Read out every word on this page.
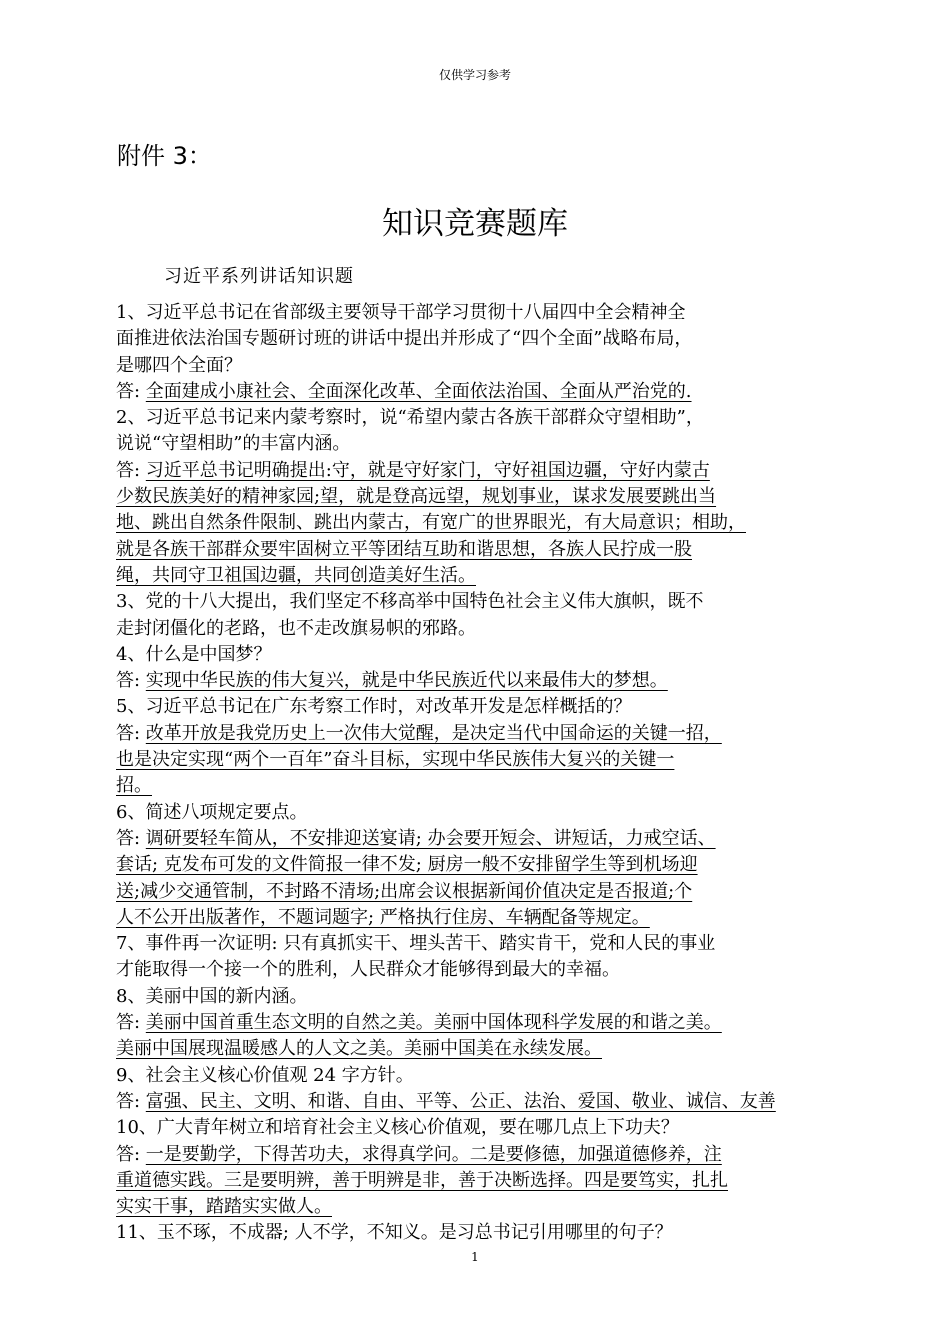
仅供学习参考
附件 3：
知识竞赛题库
习近平系列讲话知识题
1、习近平总书记在省部级主要领导干部学习贯彻十八届四中全会精神全
面推进依法治国专题研讨班的讲话中提出并形成了“四个全面”战略布局，
是哪四个全面？
答: 全面建成小康社会、全面深化改革、全面依法治国、全面从严治党的.
2、习近平总书记来内蒙考察时，说“希望内蒙古各族干部群众守望相助”，
说说“守望相助”的丰富内涵。
答: 习近平总书记明确提出:守，就是守好家门，守好祖国边疆，守好内蒙古
少数民族美好的精神家园;望，就是登高远望，规划事业，谋求发展要跳出当
地、跳出自然条件限制、跳出内蒙古，有宽广的世界眼光，有大局意识；相助，
就是各族干部群众要牢固树立平等团结互助和谐思想，各族人民拧成一股
绳，共同守卫祖国边疆，共同创造美好生活。
3、党的十八大提出，我们坚定不移高举中国特色社会主义伟大旗帜，既不
走封闭僵化的老路，也不走改旗易帜的邪路。
4、什么是中国梦？
答: 实现中华民族的伟大复兴，就是中华民族近代以来最伟大的梦想。
5、习近平总书记在广东考察工作时，对改革开发是怎样概括的？
答: 改革开放是我党历史上一次伟大觉醒，是决定当代中国命运的关键一招，
也是决定实现“两个一百年”奋斗目标，实现中华民族伟大复兴的关键一
招。
6、简述八项规定要点。
答: 调研要轻车简从，不安排迎送宴请; 办会要开短会、讲短话，力戒空话、
套话; 克发布可发的文件简报一律不发; 厨房一般不安排留学生等到机场迎
送;减少交通管制，不封路不清场;出席会议根据新闻价值决定是否报道;个
人不公开出版著作，不题词题字; 严格执行住房、车辆配备等规定。
7、事件再一次证明: 只有真抓实干、埋头苦干、踏实肯干，党和人民的事业
才能取得一个接一个的胜利，人民群众才能够得到最大的幸福。
8、美丽中国的新内涵。
答: 美丽中国首重生态文明的自然之美。美丽中国体现科学发展的和谐之美。
美丽中国展现温暖感人的人文之美。美丽中国美在永续发展。
9、社会主义核心价值观 24 字方针。
答: 富强、民主、文明、和谐、自由、平等、公正、法治、爱国、敬业、诚信、友善
10、广大青年树立和培育社会主义核心价值观，要在哪几点上下功夫？
答: 一是要勤学，下得苦功夫，求得真学问。二是要修德，加强道德修养，注
重道德实践。三是要明辨，善于明辨是非，善于决断选择。四是要笃实，扎扎
实实干事，踏踏实实做人。
11、玉不琢，不成器; 人不学，不知义。是习总书记引用哪里的句子？
1
